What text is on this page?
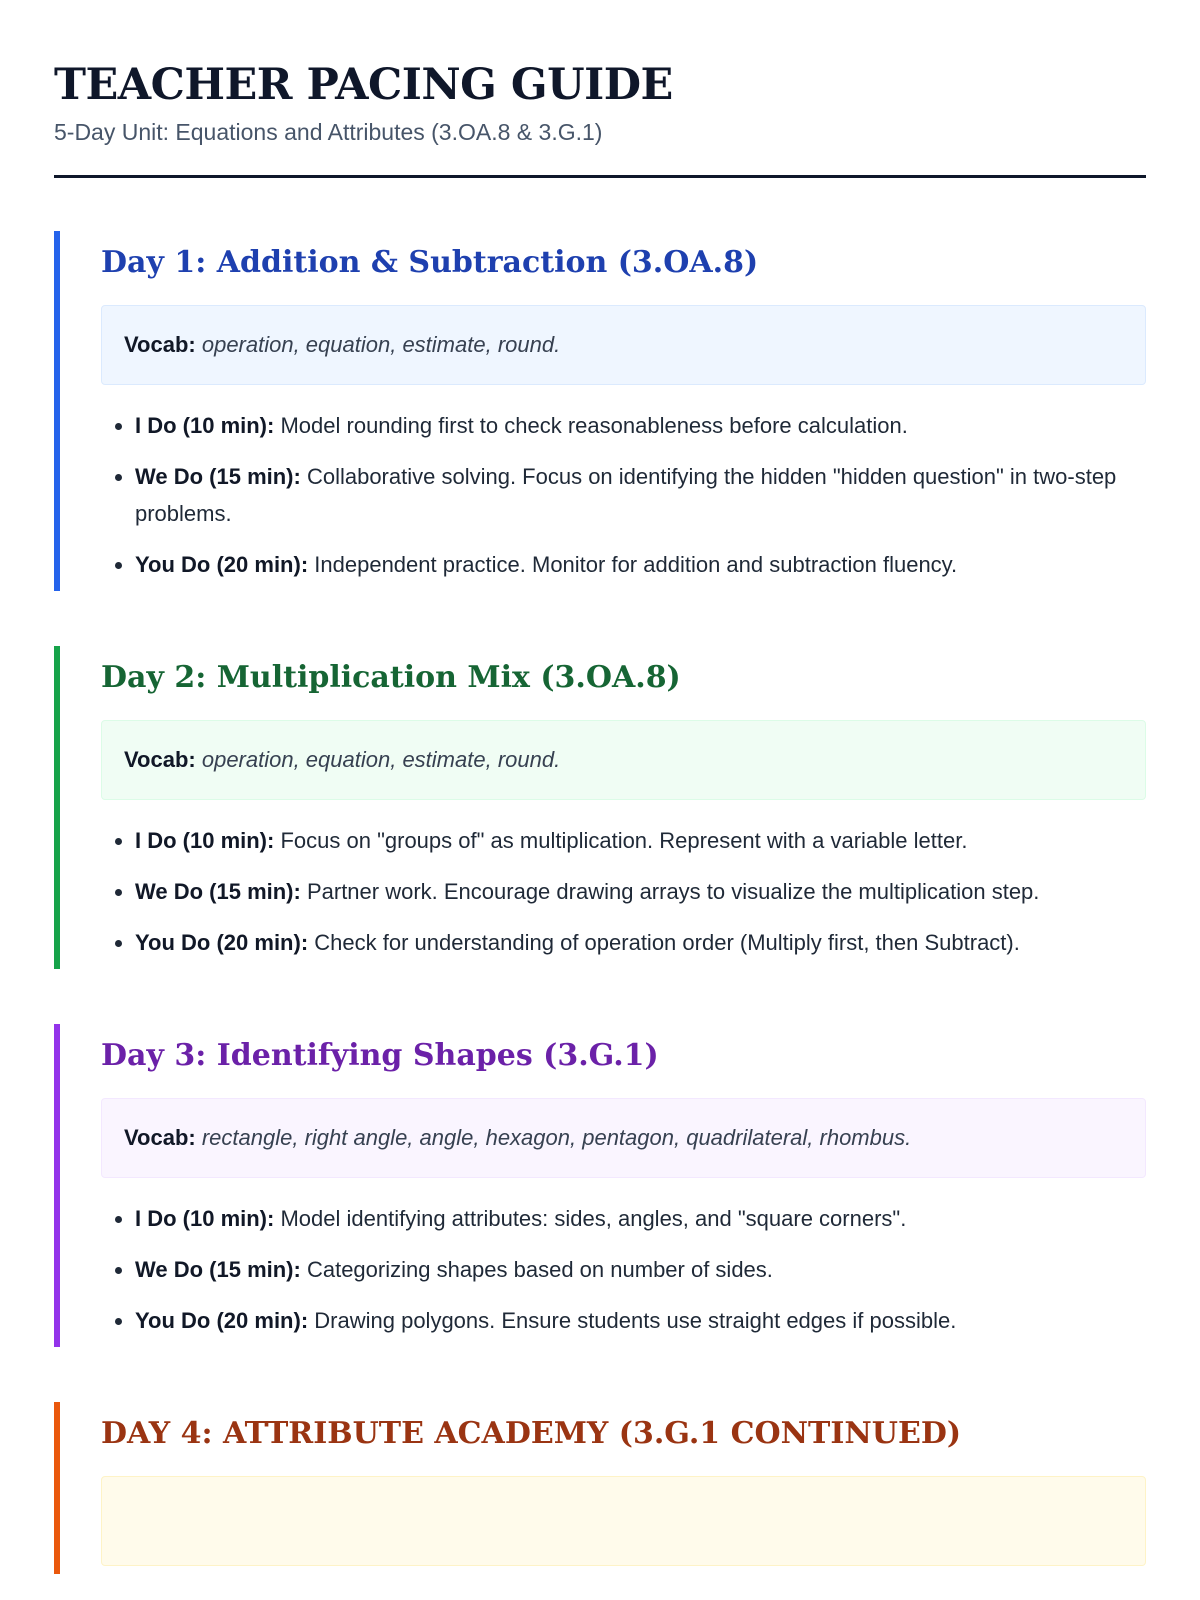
TEACHER PACING GUIDE

5-Day Unit: Equations and Attributes (3.OA.8 & 3.G.1)

Day 1: Addition & Subtraction (3.OA.8)
Vocab: operation, equation, estimate, round.
• I Do (10 min): Model rounding first to check reasonableness before calculation.
• We Do (15 min): Collaborative solving. Focus on identifying the hidden "hidden question" in two-step problems.
• You Do (20 min): Independent practice. Monitor for addition and subtraction fluency.
Day 2: Multiplication Mix (3.OA.8)
Vocab: operation, equation, estimate, round.
• I Do (10 min): Focus on "groups of" as multiplication. Represent with a variable letter.
• We Do (15 min): Partner work. Encourage drawing arrays to visualize the multiplication step.
• You Do (20 min): Check for understanding of operation order (Multiply first, then Subtract).
Day 3: Identifying Shapes (3.G.1)
Vocab: rectangle, right angle, angle, hexagon, pentagon, quadrilateral, rhombus.
• I Do (10 min): Model identifying attributes: sides, angles, and "square corners".
• We Do (15 min): Categorizing shapes based on number of sides.
• You Do (20 min): Drawing polygons. Ensure students use straight edges if possible.
DAY 4: ATTRIBUTE ACADEMY (3.G.1 CONTINUED)
